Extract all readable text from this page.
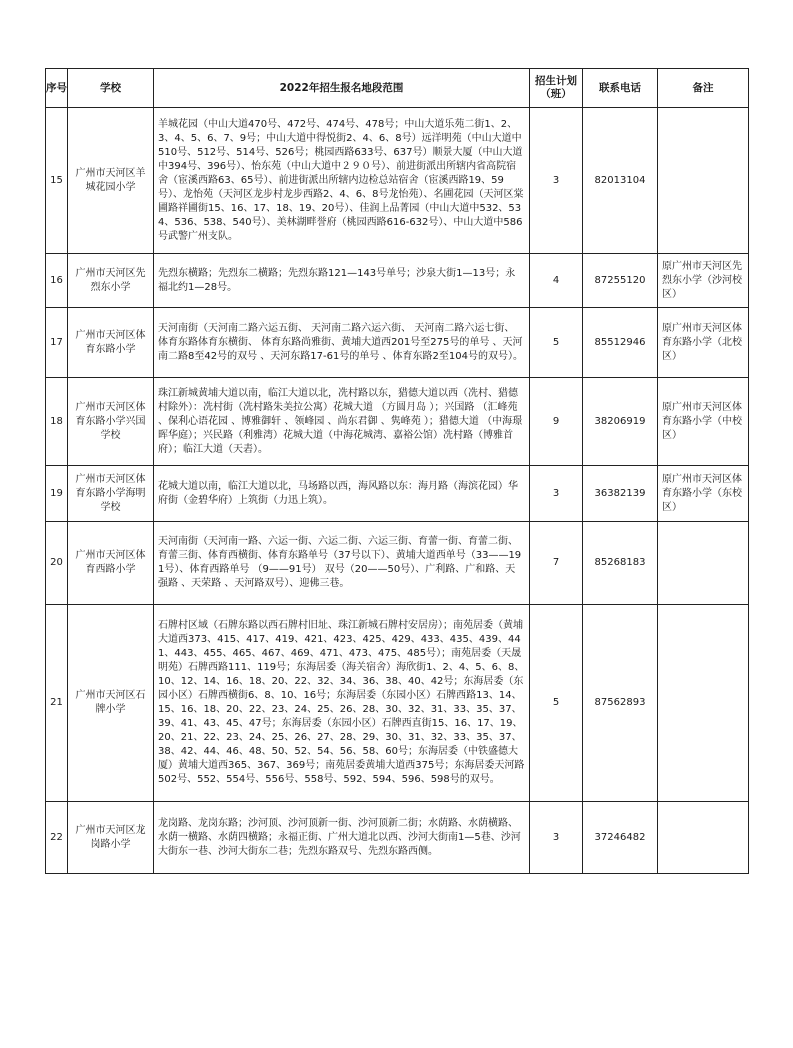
序号	学校	2022年招生报名地段范围	招生计划（班）	联系电话	备注
15	广州市天河区羊城花园小学	羊城花园（中山大道470号、472号、474号、478号；中山大道乐苑二街1、2、3、4、5、6、7、9号；中山大道中得悦街2、4、6、8号）远洋明苑（中山大道中510号、512号、514号、526号；桃园西路633号、637号）顺景大厦（中山大道中394号、396号）、怡东苑（中山大道中２９０号）、前进街派出所辖内省高院宿舍（宦溪西路63、65号）、前进街派出所辖内边检总站宿舍（宦溪西路19、59号）、龙怡苑（天河区龙步村龙步西路2、4、6、8号龙怡苑）、名圃花园（天河区棠圃路祥圃街15、16、17、18、19、20号）、佳润上品菁园（中山大道中532、534、536、538、540号）、美林湖畔誉府（桃园西路616-632号）、中山大道中586号武警广州支队。	3	82013104	
16	广州市天河区先烈东小学	先烈东横路；先烈东二横路；先烈东路121—143号单号；沙泉大街1—13号；永福北约1—28号。	4	87255120	原广州市天河区先烈东小学（沙河校区）
17	广州市天河区体育东路小学	天河南街（天河南二路六运五街、 天河南二路六运六街、 天河南二路六运七街、 体育东路体育东横街、 体育东路尚雅街、黄埔大道西201号至275号的单号 、天河南二路8至42号的双号 、天河东路17-61号的单号 、体育东路2至104号的双号）。	5	85512946	原广州市天河区体育东路小学（北校区）
18	广州市天河区体育东路小学兴国学校	珠江新城黄埔大道以南，临江大道以北，冼村路以东，猎德大道以西（冼村、猎德村除外）：冼村街（冼村路朱美拉公寓）花城大道 （方圆月岛 ）；兴国路 （汇峰苑 、保利心语花园 、博雅御轩 、领峰园 、尚东君御 、隽峰苑 ）；猎德大道 （中海璟晖华庭）；兴民路（利雅湾）花城大道（中海花城湾、嘉裕公馆）冼村路（博雅首府）；临江大道（天砉）。	9	38206919	原广州市天河区体育东路小学（中校区）
19	广州市天河区体育东路小学海明学校	花城大道以南，临江大道以北，马场路以西，海风路以东：海月路（海滨花园）华府街（金碧华府）上筑街（力迅上筑）。	3	36382139	原广州市天河区体育东路小学（东校区）
20	广州市天河区体育西路小学	天河南街（天河南一路、六运一街、六运二街、六运三街、育蕾一街、育蕾二街、育蕾三街、体育西横街、体育东路单号（37号以下）、黄埔大道西单号（33——191号）、体育西路单号 （9——91号） 双号（20——50号）、广利路、广和路、天强路 、天荣路 、天河路双号）、迎佛三巷。	7	85268183	
21	广州市天河区石牌小学	石牌村区域（石牌东路以西石牌村旧址、珠江新城石牌村安居房）；南苑居委（黄埔大道西373、415、417、419、421、423、425、429、433、435、439、441、443、455、465、467、469、471、473、475、485号）；南苑居委（天晟明苑）石牌西路111、119号；东海居委（海关宿舍）海欣街1、2、4、5、6、8、10、12、14、16、18、20、22、32、34、36、38、40、42号；东海居委（东园小区）石牌西横街6、8、10、16号；东海居委（东园小区）石牌西路13、14、15、16、18、20、22、23、24、25、26、28、30、32、31、33、35、37、39、41、43、45、47号；东海居委（东园小区）石牌西直街15、16、17、19、20、21、22、23、24、25、26、27、28、29、30、31、32、33、35、37、38、42、44、46、48、50、52、54、56、58、60号；东海居委（中铁盛德大厦）黄埔大道西365、367、369号；南苑居委黄埔大道西375号；东海居委天河路502号、552、554号、556号、558号、592、594、596、598号的双号。	5	87562893	
22	广州市天河区龙岗路小学	龙岗路、龙岗东路；沙河顶、沙河顶新一街、沙河顶新二街；水荫路、水荫横路、水荫一横路、水荫四横路；永福正街、广州大道北以西、沙河大街南1—5巷、沙河大街东一巷、沙河大街东二巷；先烈东路双号、先烈东路西侧。	3	37246482	
